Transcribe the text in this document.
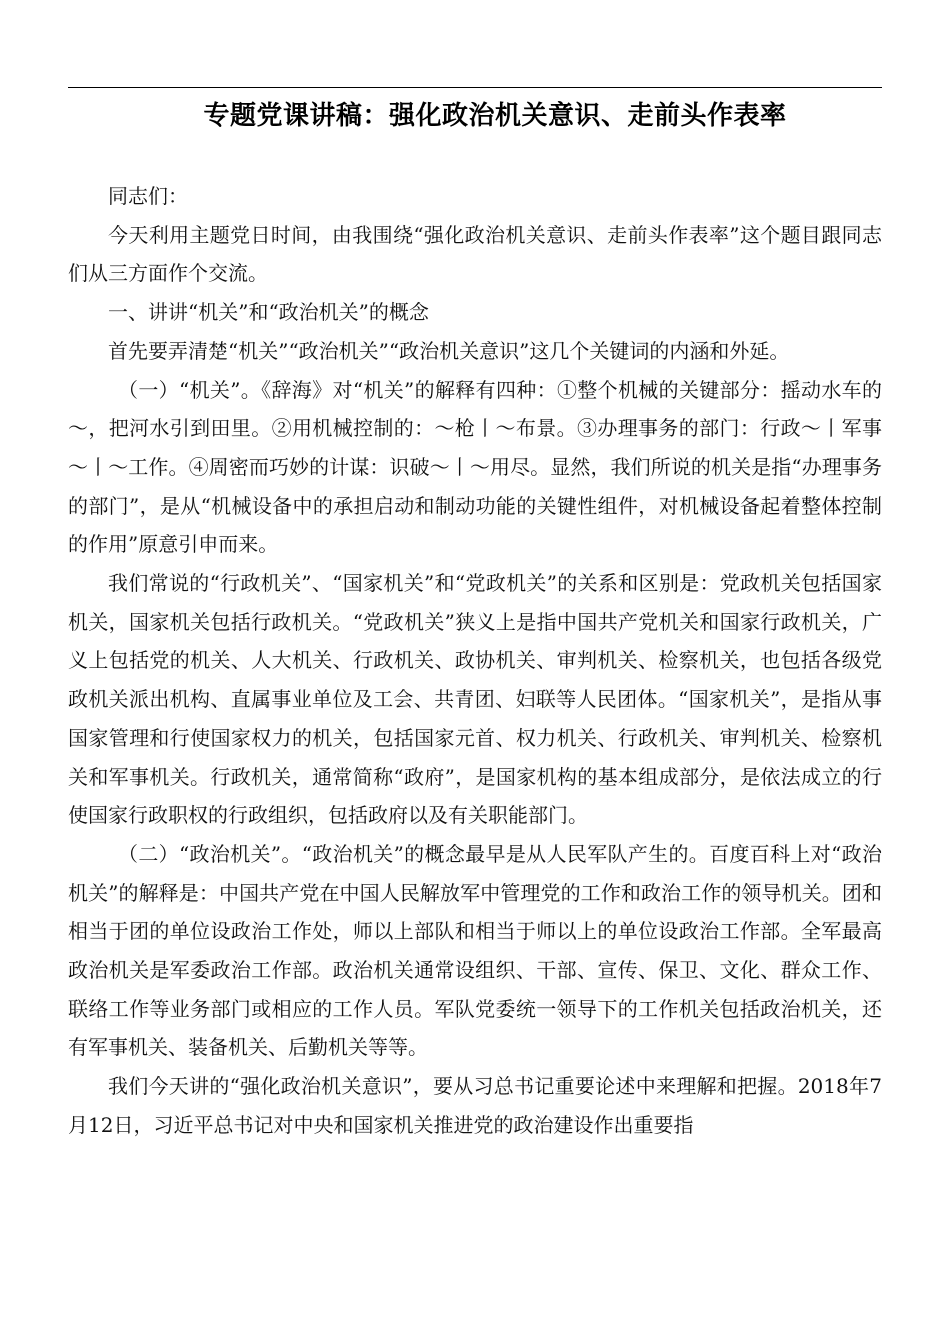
专题党课讲稿：强化政治机关意识、走前头作表率

同志们：

今天利用主题党日时间，由我围绕“强化政治机关意识、走前头作表率”这个题目跟同志们从三方面作个交流。

一、讲讲“机关”和“政治机关”的概念

首先要弄清楚“机关”“政治机关”“政治机关意识”这几个关键词的内涵和外延。

（一）“机关”。《辞海》对“机关”的解释有四种：①整个机械的关键部分：摇动水车的～，把河水引到田里。②用机械控制的：～枪丨～布景。③办理事务的部门：行政～丨军事～丨～工作。④周密而巧妙的计谋：识破～丨～用尽。显然，我们所说的机关是指“办理事务的部门”，是从“机械设备中的承担启动和制动功能的关键性组件，对机械设备起着整体控制的作用”原意引申而来。

我们常说的“行政机关”、“国家机关”和“党政机关”的关系和区别是：党政机关包括国家机关，国家机关包括行政机关。“党政机关”狭义上是指中国共产党机关和国家行政机关，广义上包括党的机关、人大机关、行政机关、政协机关、审判机关、检察机关，也包括各级党政机关派出机构、直属事业单位及工会、共青团、妇联等人民团体。“国家机关”，是指从事国家管理和行使国家权力的机关，包括国家元首、权力机关、行政机关、审判机关、检察机关和军事机关。行政机关，通常简称“政府”，是国家机构的基本组成部分，是依法成立的行使国家行政职权的行政组织，包括政府以及有关职能部门。

（二）“政治机关”。“政治机关”的概念最早是从人民军队产生的。百度百科上对“政治机关”的解释是：中国共产党在中国人民解放军中管理党的工作和政治工作的领导机关。团和相当于团的单位设政治工作处，师以上部队和相当于师以上的单位设政治工作部。全军最高政治机关是军委政治工作部。政治机关通常设组织、干部、宣传、保卫、文化、群众工作、联络工作等业务部门或相应的工作人员。军队党委统一领导下的工作机关包括政治机关，还有军事机关、装备机关、后勤机关等等。

我们今天讲的“强化政治机关意识”，要从习总书记重要论述中来理解和把握。2018年7月12日，习近平总书记对中央和国家机关推进党的政治建设作出重要指
